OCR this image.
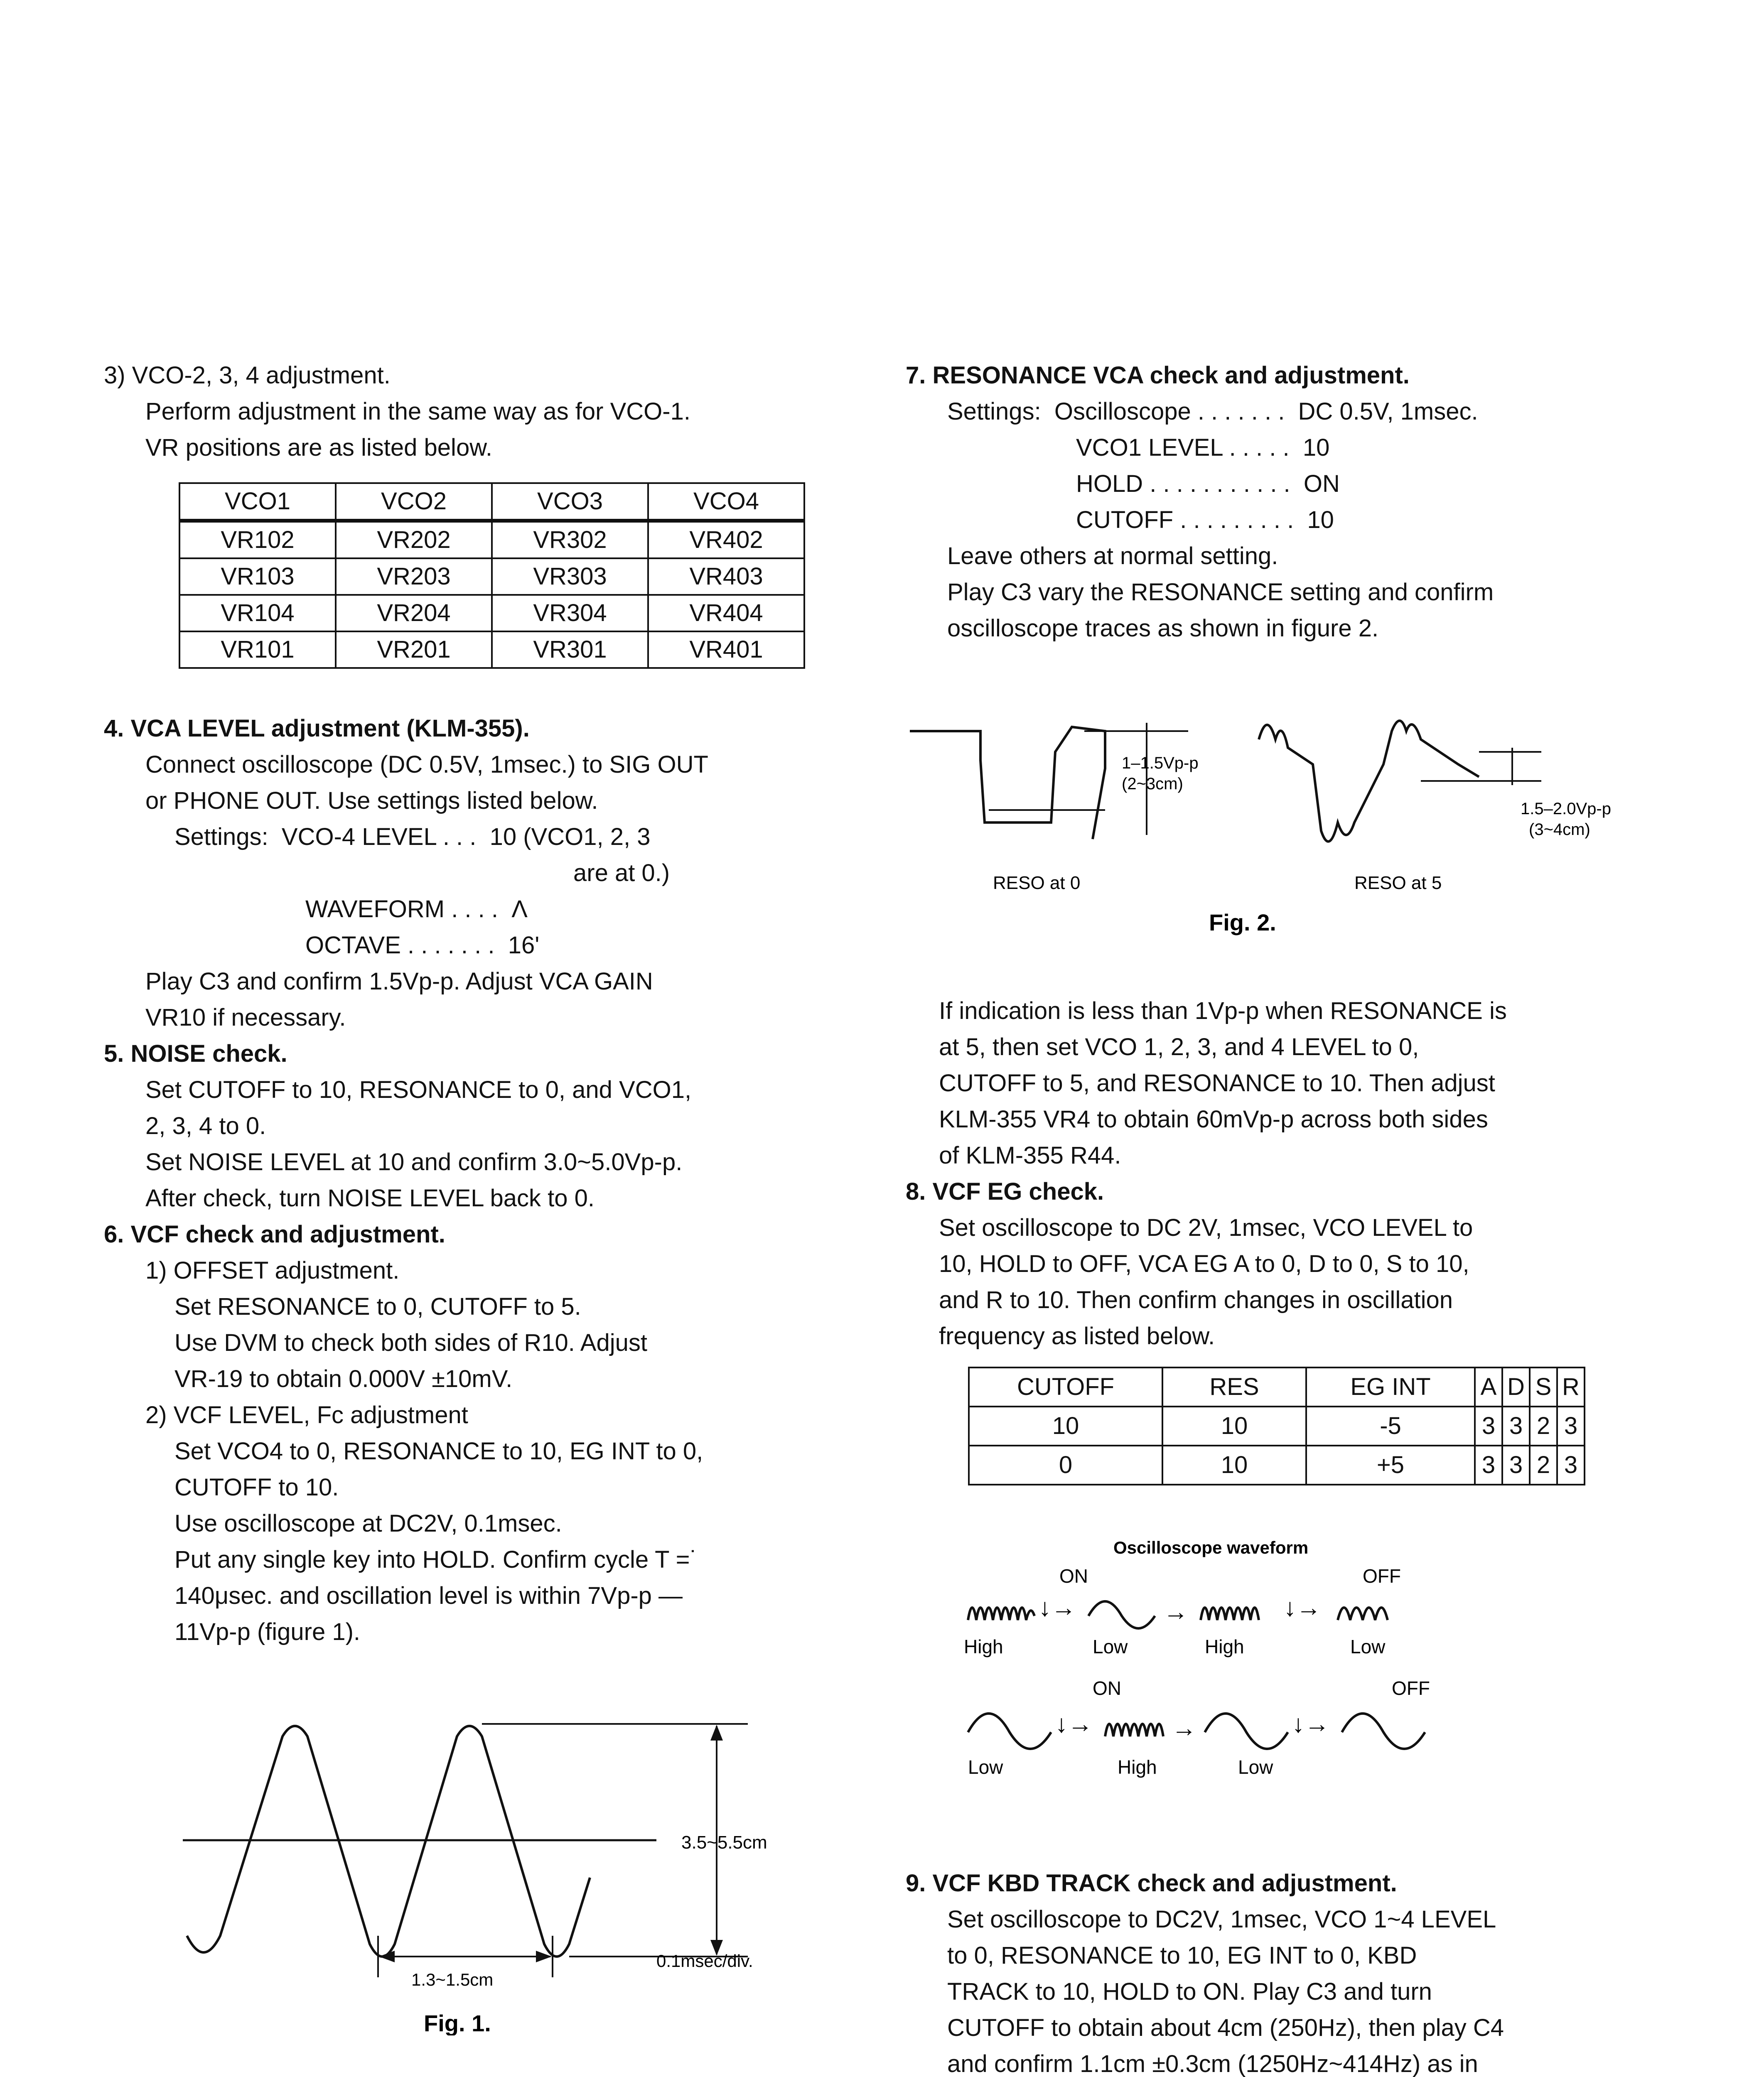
3) VCO-2, 3, 4 adjustment.

Perform adjustment in the same way as for VCO-1.

VR positions are as listed below.

VCO1	VCO2	VCO3	VCO4
VR102	VR202	VR302	VR402
VR103	VR203	VR303	VR403
VR104	VR204	VR304	VR404
VR101	VR201	VR301	VR401

4. VCA LEVEL adjustment (KLM-355).

Connect oscilloscope (DC 0.5V, 1msec.) to SIG OUT

or PHONE OUT. Use settings listed below.

Settings:  VCO-4 LEVEL . . .  10 (VCO1, 2, 3

are at 0.)

WAVEFORM . . . .  Λ

OCTAVE . . . . . . .  16'

Play C3 and confirm 1.5Vp-p. Adjust VCA GAIN

VR10 if necessary.

5. NOISE check.

Set CUTOFF to 10, RESONANCE to 0, and VCO1,

2, 3, 4 to 0.

Set NOISE LEVEL at 10 and confirm 3.0~5.0Vp-p.

After check, turn NOISE LEVEL back to 0.

6. VCF check and adjustment.

1) OFFSET adjustment.

Set RESONANCE to 0, CUTOFF to 5.

Use DVM to check both sides of R10. Adjust

VR-19 to obtain 0.000V ±10mV.

2) VCF LEVEL, Fc adjustment

Set VCO4 to 0, RESONANCE to 10, EG INT to 0,

CUTOFF to 10.

Use oscilloscope at DC2V, 0.1msec.

Put any single key into HOLD. Confirm cycle T =˙

140μsec. and oscillation level is within 7Vp-p —

11Vp-p (figure 1).

3.5~5.5cm
1.3~1.5cm
0.1msec/div.
Fig. 1.

7. RESONANCE VCA check and adjustment.

Settings:  Oscilloscope . . . . . . .  DC 0.5V, 1msec.

VCO1 LEVEL . . . . .  10

HOLD . . . . . . . . . . .  ON

CUTOFF . . . . . . . . .  10

Leave others at normal setting.

Play C3 vary the RESONANCE setting and confirm

oscilloscope traces as shown in figure 2.

1–1.5Vp-p
(2~3cm)
1.5–2.0Vp-p
(3~4cm)
RESO at 0	RESO at 5
Fig. 2.

If indication is less than 1Vp-p when RESONANCE is

at 5, then set VCO 1, 2, 3, and 4 LEVEL to 0,

CUTOFF to 5, and RESONANCE to 10. Then adjust

KLM-355 VR4 to obtain 60mVp-p across both sides

of KLM-355 R44.

8. VCF EG check.

Set oscilloscope to DC 2V, 1msec, VCO LEVEL to

10, HOLD to OFF, VCA EG A to 0, D to 0, S to 10,

and R to 10. Then confirm changes in oscillation

frequency as listed below.

CUTOFF	RES	EG INT	A	D	S	R
10	10	-5	3	3	2	3
0	10	+5	3	3	2	3
Oscilloscope waveform
ON	OFF
↓→	→	↓→
High	Low	High	Low
ON	OFF
↓→	→	↓→
Low	High	Low

9. VCF KBD TRACK check and adjustment.

Set oscilloscope to DC2V, 1msec, VCO 1~4 LEVEL

to 0, RESONANCE to 10, EG INT to 0, KBD

TRACK to 10, HOLD to ON. Play C3 and turn

CUTOFF to obtain about 4cm (250Hz), then play C4

and confirm 1.1cm ±0.3cm (1250Hz~414Hz) as in
